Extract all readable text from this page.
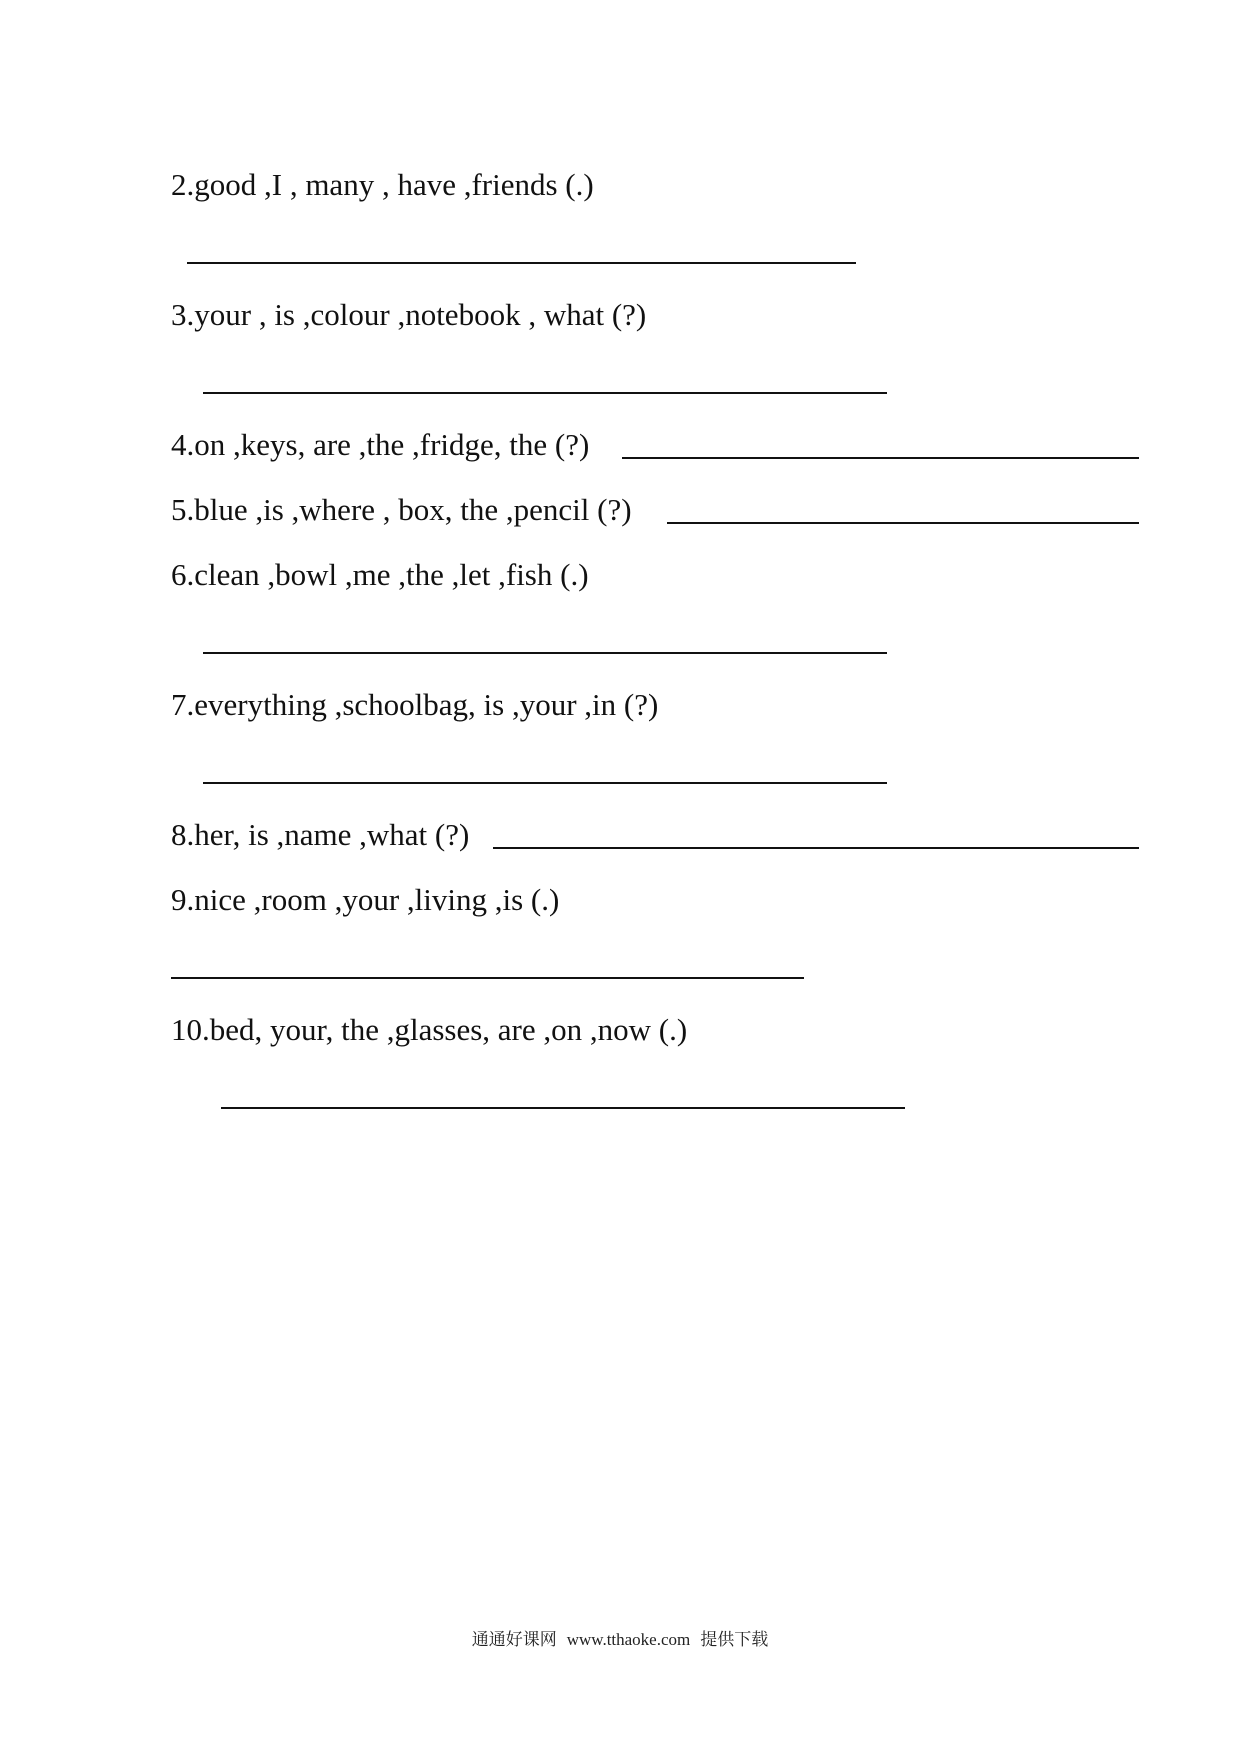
2.good ,I , many , have ,friends (.)
3.your , is ,colour ,notebook , what (?)
4.on ,keys, are ,the ,fridge, the (?)
5.blue ,is ,where , box, the ,pencil (?)
6.clean ,bowl ,me ,the ,let ,fish (.)
7.everything ,schoolbag, is ,your ,in (?)
8.her, is ,name ,what (?)
9.nice ,room ,your ,living ,is (.)
10.bed, your, the ,glasses, are ,on ,now (.)
通通好课网 www.tthaoke.com 提供下载
